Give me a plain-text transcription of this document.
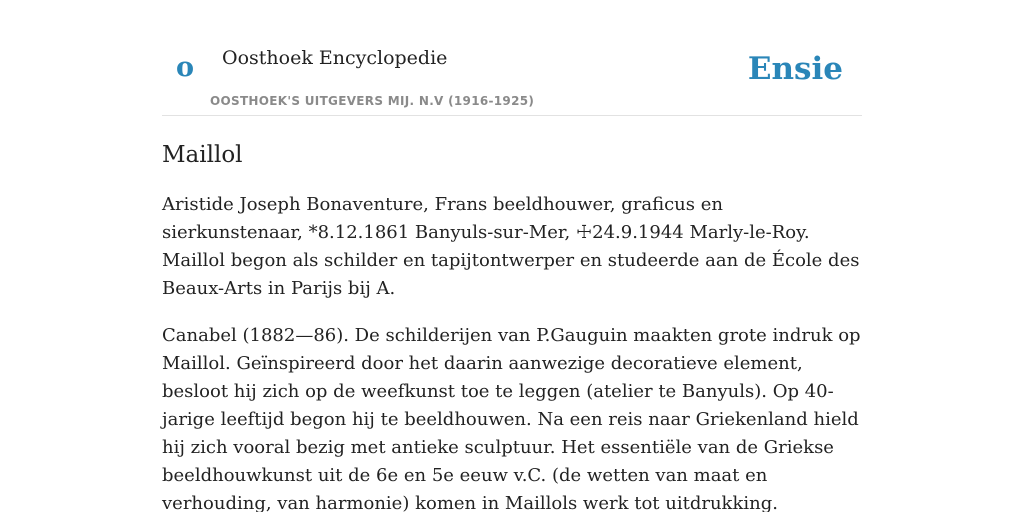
o Oosthoek Encyclopedie
OOSTHOEK'S UITGEVERS MIJ. N.V (1916-1925)
Ensie
Maillol

Aristide Joseph Bonaventure, Frans beeldhouwer, graficus en sierkunstenaar, *8.12.1861 Banyuls-sur-Mer, ☩24.9.1944 Marly-le-Roy. Maillol begon als schilder en tapijtontwerper en studeerde aan de École des Beaux-Arts in Parijs bij A.

Canabel (1882—86). De schilderijen van P.Gauguin maakten grote indruk op Maillol. Geïnspireerd door het daarin aanwezige decoratieve element, besloot hij zich op de weefkunst toe te leggen (atelier te Banyuls). Op 40-jarige leeftijd begon hij te beeldhouwen. Na een reis naar Griekenland hield hij zich vooral bezig met antieke sculptuur. Het essentiële van de Griekse beeldhouwkunst uit de 6e en 5e eeuw v.C. (de wetten van maat en verhouding, van harmonie) komen in Maillols werk tot uitdrukking.
